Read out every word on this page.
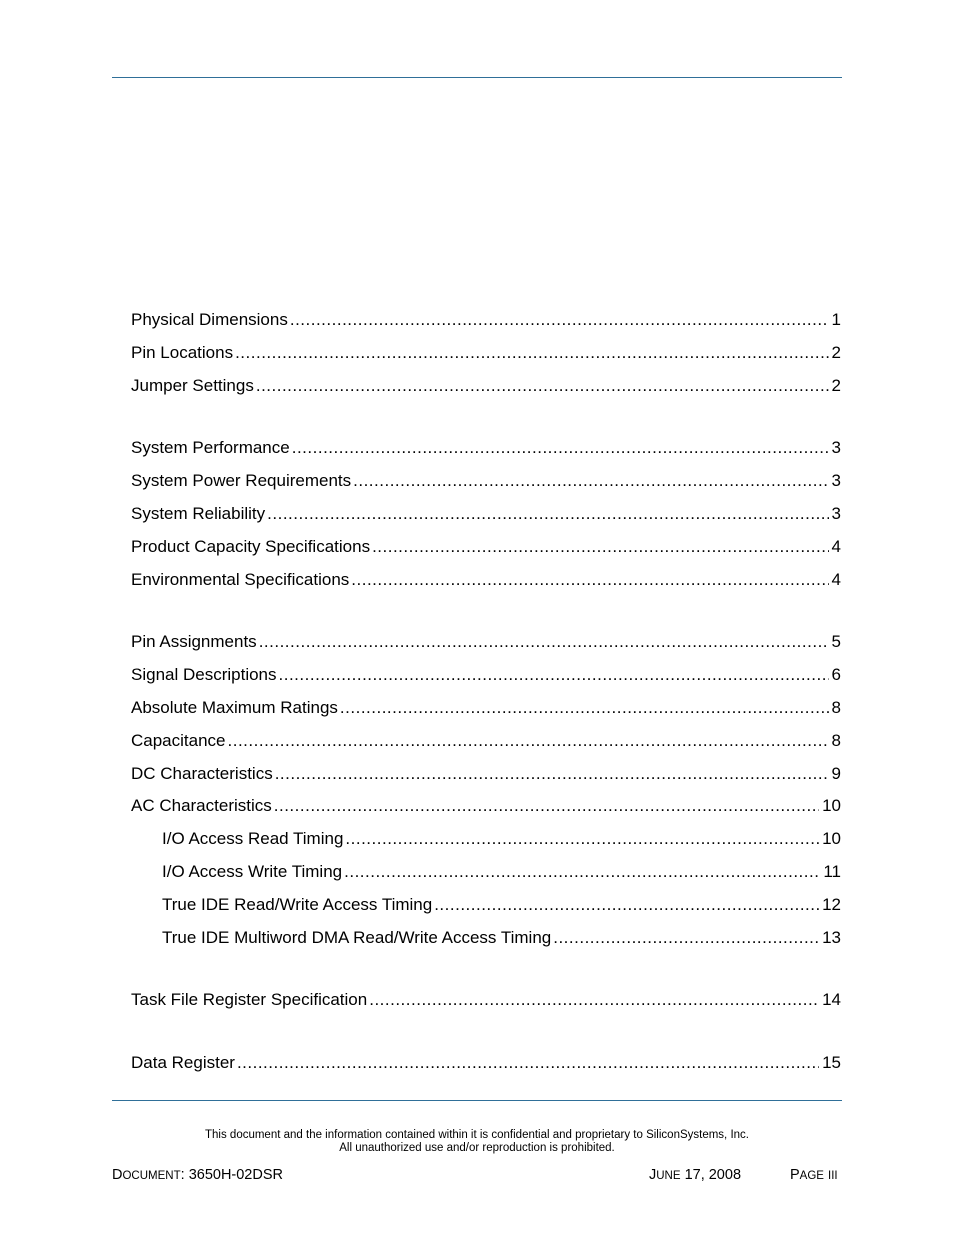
Physical Dimensions .....	1
Pin Locations .....	2
Jumper Settings .....	2
System Performance .....	3
System Power Requirements .....	3
System Reliability .....	3
Product Capacity Specifications .....	4
Environmental Specifications .....	4
Pin Assignments .....	5
Signal Descriptions .....	6
Absolute Maximum Ratings .....	8
Capacitance .....	8
DC Characteristics .....	9
AC Characteristics .....	10
I/O Access Read Timing .....	10
I/O Access Write Timing .....	11
True IDE Read/Write Access Timing .....	12
True IDE Multiword DMA Read/Write Access Timing .....	13
Task File Register Specification .....	14
Data Register .....	15
This document and the information contained within it is confidential and proprietary to SiliconSystems, Inc.
All unauthorized use and/or reproduction is prohibited.
DOCUMENT: 3650H-02DSR	JUNE 17, 2008	PAGE III
